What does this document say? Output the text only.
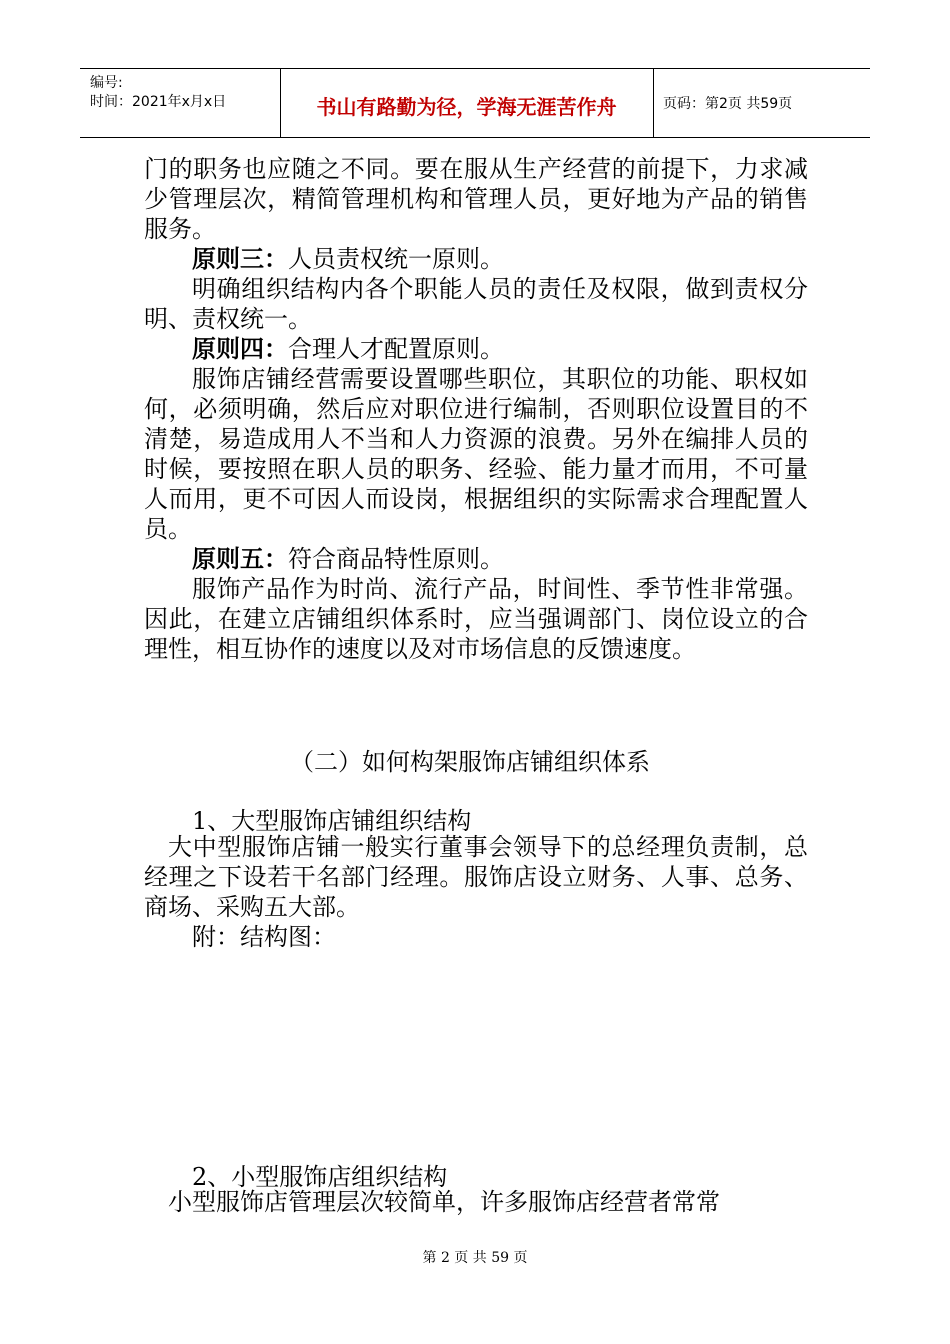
编号:
时间：2021年x月x日	书山有路勤为径，学海无涯苦作舟	页码：第2页 共59页

门的职务也应随之不同。要在服从生产经营的前提下，力求减少管理层次，精简管理机构和管理人员，更好地为产品的销售服务。

原则三：人员责权统一原则。

明确组织结构内各个职能人员的责任及权限，做到责权分明、责权统一。

原则四：合理人才配置原则。

服饰店铺经营需要设置哪些职位，其职位的功能、职权如何，必须明确，然后应对职位进行编制，否则职位设置目的不清楚，易造成用人不当和人力资源的浪费。另外在编排人员的时候，要按照在职人员的职务、经验、能力量才而用，不可量人而用，更不可因人而设岗，根据组织的实际需求合理配置人员。

原则五：符合商品特性原则。

服饰产品作为时尚、流行产品，时间性、季节性非常强。因此，在建立店铺组织体系时，应当强调部门、岗位设立的合理性，相互协作的速度以及对市场信息的反馈速度。

（二）如何构架服饰店铺组织体系
1、大型服饰店铺组织结构

大中型服饰店铺一般实行董事会领导下的总经理负责制，总经理之下设若干名部门经理。服饰店设立财务、人事、总务、商场、采购五大部。

附：结构图：

2、小型服饰店组织结构

小型服饰店管理层次较简单，许多服饰店经营者常常

第 2 页 共 59 页
